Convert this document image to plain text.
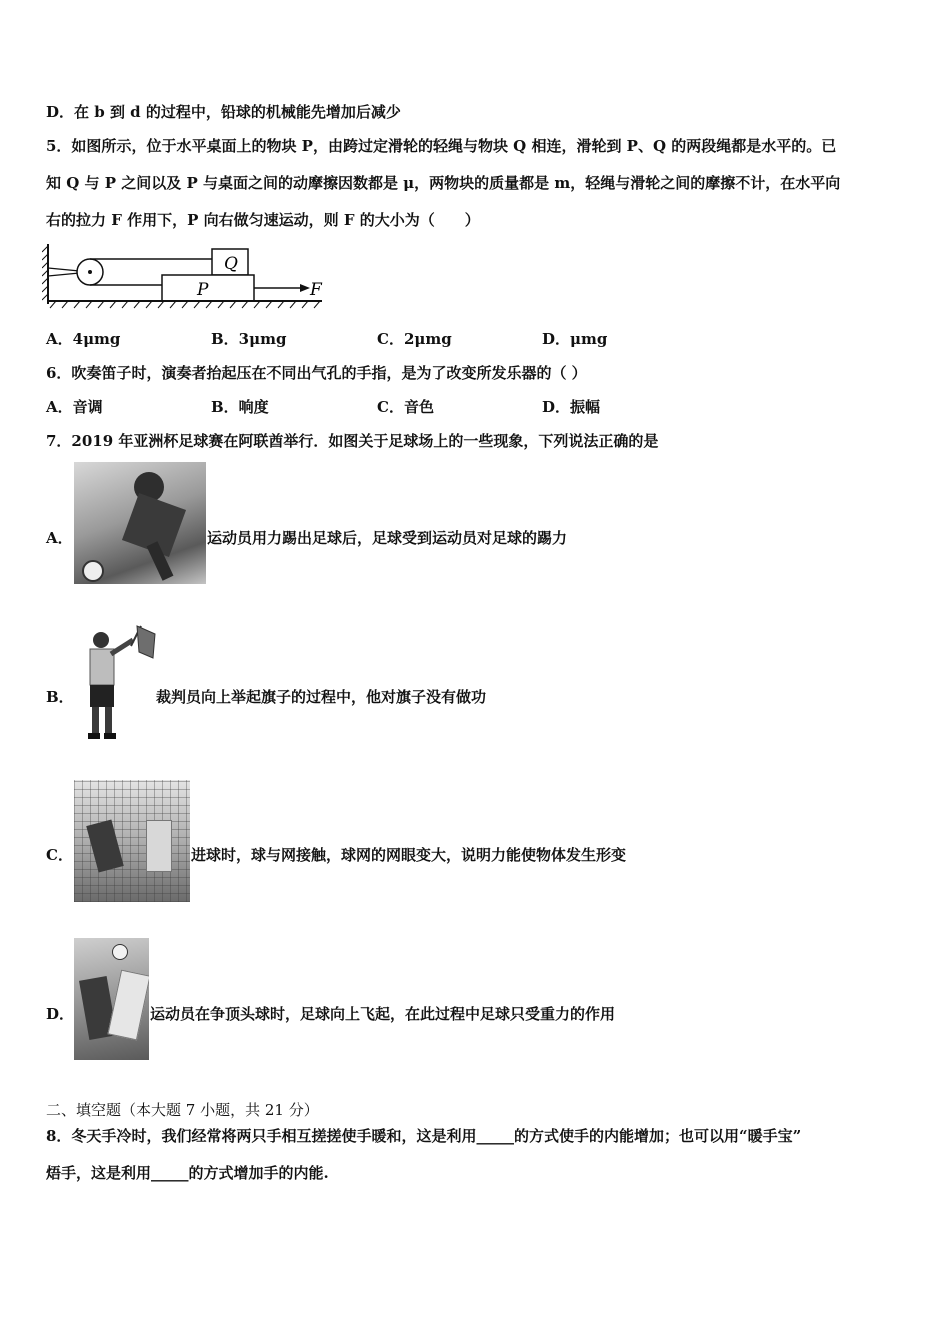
D．在 b 到 d 的过程中，铅球的机械能先增加后减少
5．如图所示，位于水平桌面上的物块 P，由跨过定滑轮的轻绳与物块 Q 相连，滑轮到 P、Q 的两段绳都是水平的。已
知 Q 与 P 之间以及 P 与桌面之间的动摩擦因数都是 μ，两物块的质量都是 m，轻绳与滑轮之间的摩擦不计，在水平向
右的拉力 F 作用下，P 向右做匀速运动，则 F 的大小为（　　）
Q
P	F
A．4μmg	B．3μmg	C．2μmg	D．μmg
6．吹奏笛子时，演奏者抬起压在不同出气孔的手指，是为了改变所发乐器的（ ）
A．音调	B．响度	C．音色	D．振幅
7．2019 年亚洲杯足球赛在阿联酋举行．如图关于足球场上的一些现象，下列说法正确的是
A．	运动员用力踢出足球后，足球受到运动员对足球的踢力
B．	裁判员向上举起旗子的过程中，他对旗子没有做功
C．	进球时，球与网接触，球网的网眼变大，说明力能使物体发生形变
D．	运动员在争顶头球时，足球向上飞起，在此过程中足球只受重力的作用
二、填空题（本大题 7 小题，共 21 分）
8．冬天手冷时，我们经常将两只手相互搓搓使手暖和，这是利用_____的方式使手的内能增加；也可以用“暖手宝”
焐手，这是利用_____的方式增加手的内能.
